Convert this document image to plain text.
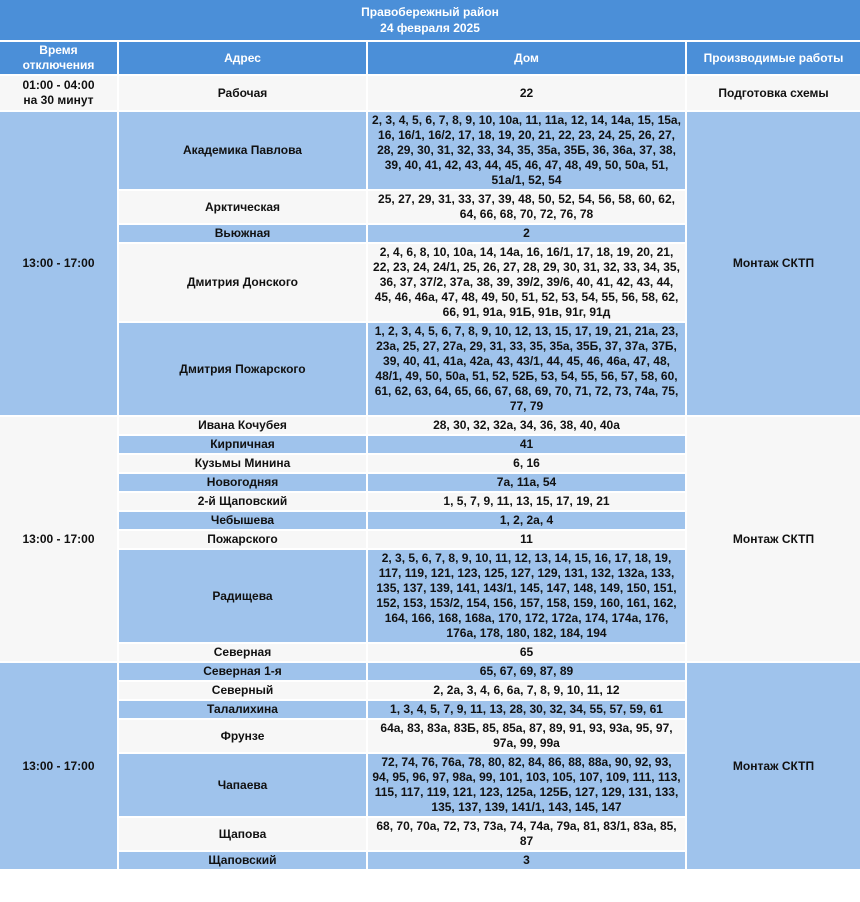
Правобережный район
24 февраля 2025			

Время отключения	Адрес	Дом	Производимые работы
01:00 - 04:00 на 30 минут	Рабочая	22	Подготовка схемы
13:00 - 17:00	Академика Павлова	2, 3, 4, 5, 6, 7, 8, 9, 10, 10а, 11, 11а, 12, 14, 14а, 15, 15а, 16, 16/1, 16/2, 17, 18, 19, 20, 21, 22, 23, 24, 25, 26, 27, 28, 29, 30, 31, 32, 33, 34, 35, 35а, 35Б, 36, 36а, 37, 38, 39, 40, 41, 42, 43, 44, 45, 46, 47, 48, 49, 50, 50а, 51, 51а/1, 52, 54	Монтаж СКТП
	Арктическая	25, 27, 29, 31, 33, 37, 39, 48, 50, 52, 54, 56, 58, 60, 62, 64, 66, 68, 70, 72, 76, 78	
	Вьюжная	2	
	Дмитрия Донского	2, 4, 6, 8, 10, 10а, 14, 14а, 16, 16/1, 17, 18, 19, 20, 21, 22, 23, 24, 24/1, 25, 26, 27, 28, 29, 30, 31, 32, 33, 34, 35, 36, 37, 37/2, 37а, 38, 39, 39/2, 39/6, 40, 41, 42, 43, 44, 45, 46, 46а, 47, 48, 49, 50, 51, 52, 53, 54, 55, 56, 58, 62, 66, 91, 91а, 91Б, 91в, 91г, 91д	
	Дмитрия Пожарского	1, 2, 3, 4, 5, 6, 7, 8, 9, 10, 12, 13, 15, 17, 19, 21, 21а, 23, 23а, 25, 27, 27а, 29, 31, 33, 35, 35а, 35Б, 37, 37а, 37Б, 39, 40, 41, 41а, 42а, 43, 43/1, 44, 45, 46, 46а, 47, 48, 48/1, 49, 50, 50а, 51, 52, 52Б, 53, 54, 55, 56, 57, 58, 60, 61, 62, 63, 64, 65, 66, 67, 68, 69, 70, 71, 72, 73, 74а, 75, 77, 79	
13:00 - 17:00	Ивана Кочубея	28, 30, 32, 32а, 34, 36, 38, 40, 40а	Монтаж СКТП
	Кирпичная	41	
	Кузьмы Минина	6, 16	
	Новогодняя	7а, 11а, 54	
	2-й Щаповский	1, 5, 7, 9, 11, 13, 15, 17, 19, 21	
	Чебышева	1, 2, 2а, 4	
	Пожарского	11	
	Радищева	2, 3, 5, 6, 7, 8, 9, 10, 11, 12, 13, 14, 15, 16, 17, 18, 19, 117, 119, 121, 123, 125, 127, 129, 131, 132, 132а, 133, 135, 137, 139, 141, 143/1, 145, 147, 148, 149, 150, 151, 152, 153, 153/2, 154, 156, 157, 158, 159, 160, 161, 162, 164, 166, 168, 168а, 170, 172, 172а, 174, 174а, 176, 176а, 178, 180, 182, 184, 194	
	Северная	65	
13:00 - 17:00	Северная 1-я	65, 67, 69, 87, 89	Монтаж СКТП
	Северный	2, 2а, 3, 4, 6, 6а, 7, 8, 9, 10, 11, 12	
	Талалихина	1, 3, 4, 5, 7, 9, 11, 13, 28, 30, 32, 34, 55, 57, 59, 61	
	Фрунзе	64а, 83, 83а, 83Б, 85, 85а, 87, 89, 91, 93, 93а, 95, 97, 97а, 99, 99а	
	Чапаева	72, 74, 76, 76а, 78, 80, 82, 84, 86, 88, 88а, 90, 92, 93, 94, 95, 96, 97, 98а, 99, 101, 103, 105, 107, 109, 111, 113, 115, 117, 119, 121, 123, 125а, 125Б, 127, 129, 131, 133, 135, 137, 139, 141/1, 143, 145, 147	
	Щапова	68, 70, 70а, 72, 73, 73а, 74, 74а, 79а, 81, 83/1, 83а, 85, 87	
	Щаповский	3	
